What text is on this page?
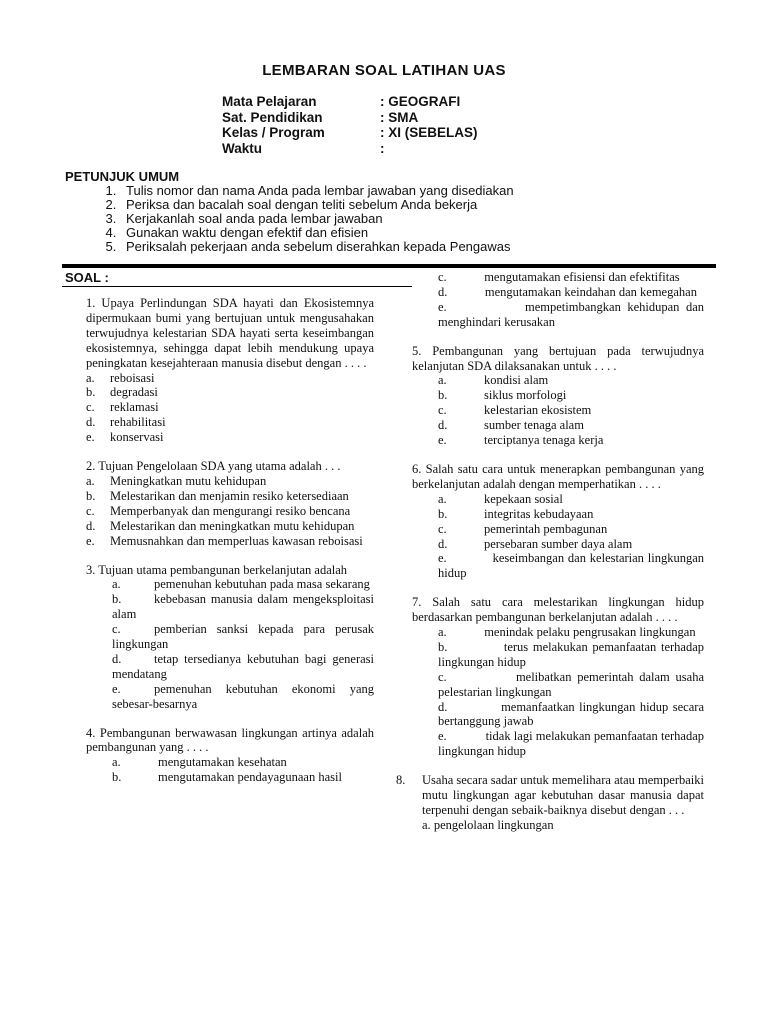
LEMBARAN SOAL LATIHAN UAS
Mata Pelajaran	: GEOGRAFI
Sat. Pendidikan	: SMA
Kelas / Program	: XI (SEBELAS)
Waktu	:
PETUNJUK UMUM
1. Tulis nomor dan nama Anda pada lembar jawaban yang disediakan
2. Periksa dan bacalah soal dengan teliti sebelum Anda bekerja
3. Kerjakanlah soal anda pada lembar jawaban
4. Gunakan waktu dengan efektif dan efisien
5. Periksalah pekerjaan anda sebelum diserahkan kepada Pengawas
SOAL :
1. Upaya Perlindungan SDA hayati dan Ekosistemnya dipermukaan bumi yang bertujuan untuk mengusahakan terwujudnya kelestarian SDA hayati serta keseimbangan ekosistemnya, sehingga dapat lebih mendukung upaya peningkatan kesejahteraan manusia disebut dengan . . . .
a.	reboisasi
b.	degradasi
c.	reklamasi
d.	rehabilitasi
e.	konservasi
2. Tujuan Pengelolaan SDA yang utama adalah . . .
a.	Meningkatkan mutu kehidupan
b.	Melestarikan dan menjamin resiko ketersediaan
c.	Memperbanyak dan mengurangi resiko bencana
d.	Melestarikan dan meningkatkan mutu kehidupan
e.	Memusnahkan dan memperluas kawasan reboisasi
3. Tujuan utama pembangunan berkelanjutan adalah
a.	pemenuhan kebutuhan pada masa sekarang
b.	kebebasan manusia dalam mengeksploitasi alam
c.	pemberian sanksi kepada para perusak lingkungan
d.	tetap tersedianya kebutuhan bagi generasi mendatang
e.	pemenuhan kebutuhan ekonomi yang sebesar-besarnya
4. Pembangunan berwawasan lingkungan artinya adalah pembangunan yang . . . .
a.	mengutamakan kesehatan
b.	mengutamakan pendayagunaan hasil
c.	mengutamakan efisiensi dan efektifitas
d.	mengutamakan keindahan dan kemegahan
e.	mempetimbangkan kehidupan dan menghindari kerusakan
5. Pembangunan yang bertujuan pada terwujudnya kelanjutan SDA dilaksanakan untuk . . . .
a.	kondisi alam
b.	siklus morfologi
c.	kelestarian ekosistem
d.	sumber tenaga alam
e.	terciptanya tenaga kerja
6. Salah satu cara untuk menerapkan pembangunan yang berkelanjutan adalah dengan memperhatikan . . . .
a.	kepekaan sosial
b.	integritas kebudayaan
c.	pemerintah pembagunan
d.	persebaran sumber daya alam
e.	keseimbangan dan kelestarian lingkungan hidup
7. Salah satu cara melestarikan lingkungan hidup berdasarkan pembangunan berkelanjutan adalah . . . .
a.	menindak pelaku pengrusakan lingkungan
b.	terus melakukan pemanfaatan terhadap lingkungan hidup
c.	melibatkan pemerintah dalam usaha pelestarian lingkungan
d.	memanfaatkan lingkungan hidup secara bertanggung jawab
e.	tidak lagi melakukan pemanfaatan terhadap lingkungan hidup
8.	Usaha secara sadar untuk memelihara atau memperbaiki mutu lingkungan agar kebutuhan dasar manusia dapat terpenuhi dengan sebaik-baiknya disebut dengan . . .
a. pengelolaan lingkungan
